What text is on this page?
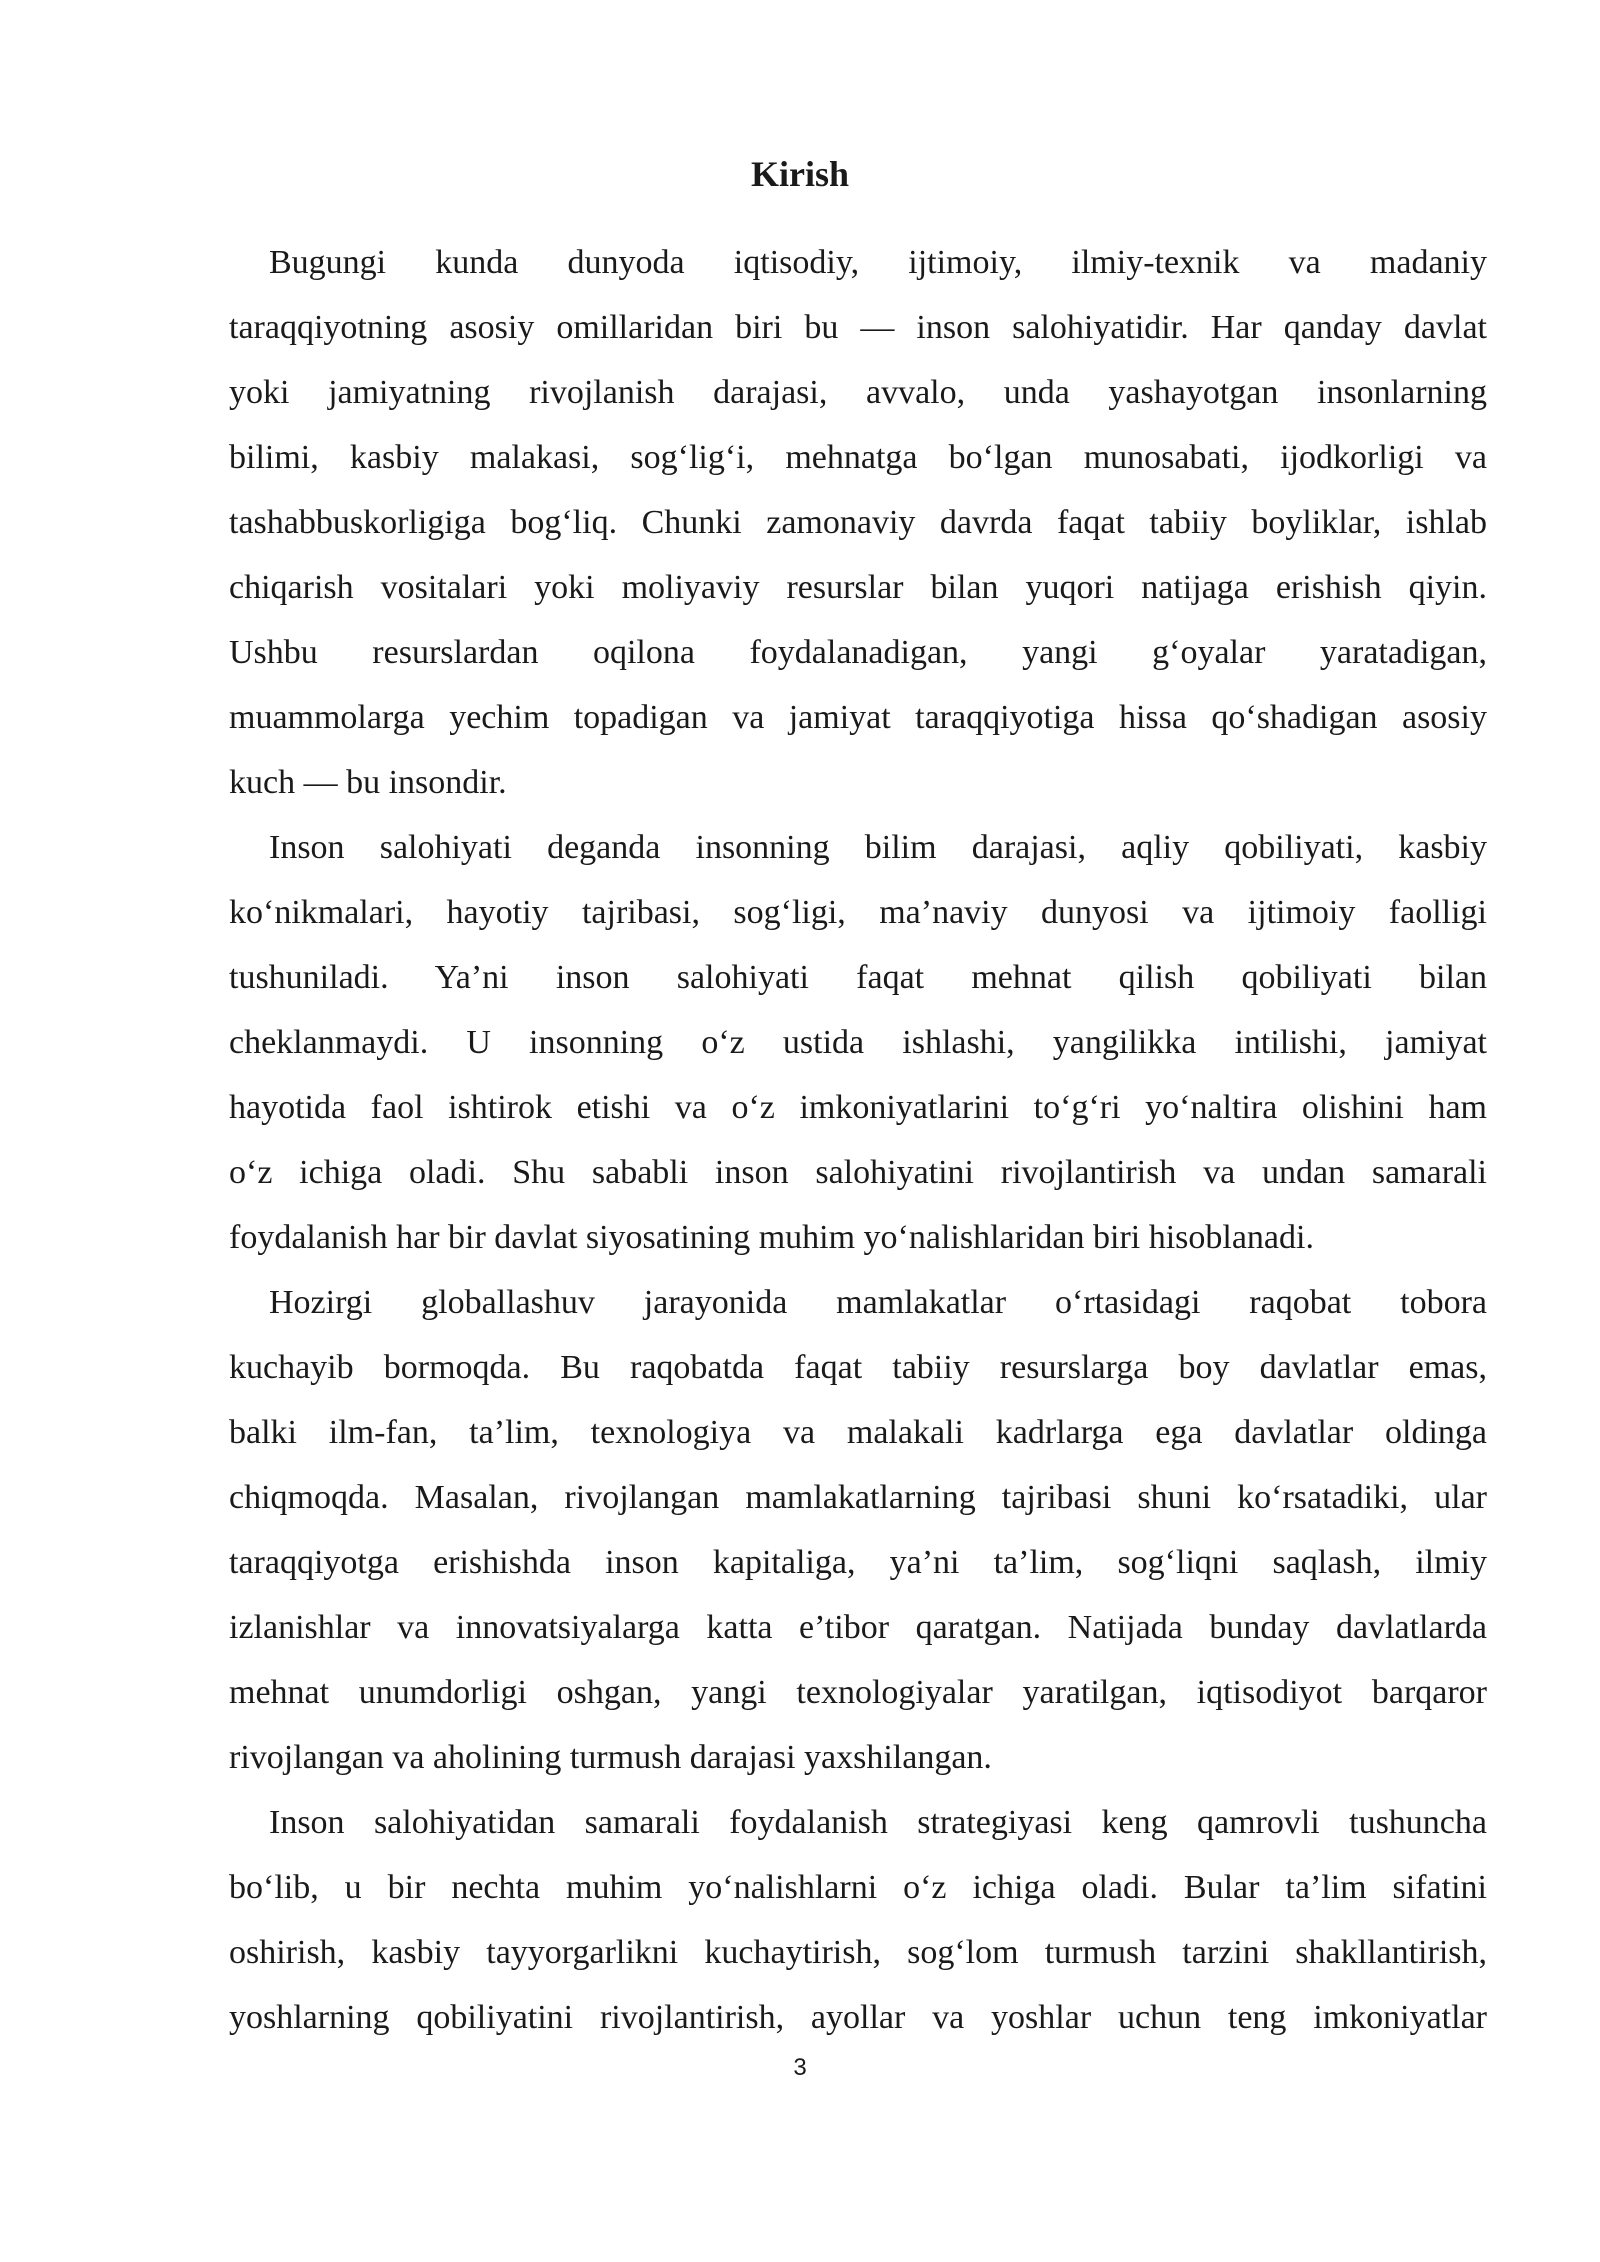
Kirish
Bugungi kunda dunyoda iqtisodiy, ijtimoiy, ilmiy-texnik va madaniy
taraqqiyotning asosiy omillaridan biri bu — inson salohiyatidir. Har qanday davlat
yoki jamiyatning rivojlanish darajasi, avvalo, unda yashayotgan insonlarning
bilimi, kasbiy malakasi, sog‘lig‘i, mehnatga bo‘lgan munosabati, ijodkorligi va
tashabbuskorligiga bog‘liq. Chunki zamonaviy davrda faqat tabiiy boyliklar, ishlab
chiqarish vositalari yoki moliyaviy resurslar bilan yuqori natijaga erishish qiyin.
Ushbu resurslardan oqilona foydalanadigan, yangi g‘oyalar yaratadigan,
muammolarga yechim topadigan va jamiyat taraqqiyotiga hissa qo‘shadigan asosiy
kuch — bu insondir.
Inson salohiyati deganda insonning bilim darajasi, aqliy qobiliyati, kasbiy
ko‘nikmalari, hayotiy tajribasi, sog‘ligi, ma’naviy dunyosi va ijtimoiy faolligi
tushuniladi. Ya’ni inson salohiyati faqat mehnat qilish qobiliyati bilan
cheklanmaydi. U insonning o‘z ustida ishlashi, yangilikka intilishi, jamiyat
hayotida faol ishtirok etishi va o‘z imkoniyatlarini to‘g‘ri yo‘naltira olishini ham
o‘z ichiga oladi. Shu sababli inson salohiyatini rivojlantirish va undan samarali
foydalanish har bir davlat siyosatining muhim yo‘nalishlaridan biri hisoblanadi.
Hozirgi globallashuv jarayonida mamlakatlar o‘rtasidagi raqobat tobora
kuchayib bormoqda. Bu raqobatda faqat tabiiy resurslarga boy davlatlar emas,
balki ilm-fan, ta’lim, texnologiya va malakali kadrlarga ega davlatlar oldinga
chiqmoqda. Masalan, rivojlangan mamlakatlarning tajribasi shuni ko‘rsatadiki, ular
taraqqiyotga erishishda inson kapitaliga, ya’ni ta’lim, sog‘liqni saqlash, ilmiy
izlanishlar va innovatsiyalarga katta e’tibor qaratgan. Natijada bunday davlatlarda
mehnat unumdorligi oshgan, yangi texnologiyalar yaratilgan, iqtisodiyot barqaror
rivojlangan va aholining turmush darajasi yaxshilangan.
Inson salohiyatidan samarali foydalanish strategiyasi keng qamrovli tushuncha
bo‘lib, u bir nechta muhim yo‘nalishlarni o‘z ichiga oladi. Bular ta’lim sifatini
oshirish, kasbiy tayyorgarlikni kuchaytirish, sog‘lom turmush tarzini shakllantirish,
yoshlarning qobiliyatini rivojlantirish, ayollar va yoshlar uchun teng imkoniyatlar

3
